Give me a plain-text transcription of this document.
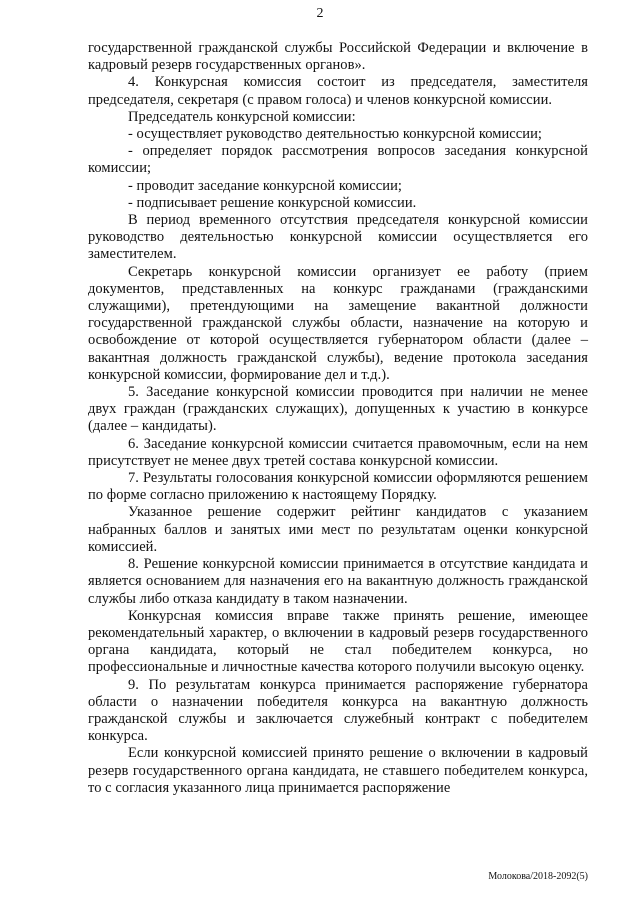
2

государственной гражданской службы Российской Федерации и включение в кадровый резерв государственных органов».

4. Конкурсная комиссия состоит из председателя, заместителя председателя, секретаря (с правом голоса) и членов конкурсной комиссии.

Председатель конкурсной комиссии:

- осуществляет руководство деятельностью конкурсной комиссии;

- определяет порядок рассмотрения вопросов заседания конкурсной комиссии;

- проводит заседание конкурсной комиссии;

- подписывает решение конкурсной комиссии.

В период временного отсутствия председателя конкурсной комиссии руководство деятельностью конкурсной комиссии осуществляется его заместителем.

Секретарь конкурсной комиссии организует ее работу (прием документов, представленных на конкурс гражданами (гражданскими служащими), претендующими на замещение вакантной должности государственной гражданской службы области, назначение на которую и освобождение от которой осуществляется губернатором области (далее – вакантная должность гражданской службы), ведение протокола заседания конкурсной комиссии, формирование дел и т.д.).

5. Заседание конкурсной комиссии проводится при наличии не менее двух граждан (гражданских служащих), допущенных к участию в конкурсе (далее – кандидаты).

6. Заседание конкурсной комиссии считается правомочным, если на нем присутствует не менее двух третей состава конкурсной комиссии.

7. Результаты голосования конкурсной комиссии оформляются решением по форме согласно приложению к настоящему Порядку.

Указанное решение содержит рейтинг кандидатов с указанием набранных баллов и занятых ими мест по результатам оценки конкурсной комиссией.

8. Решение конкурсной комиссии принимается в отсутствие кандидата и является основанием для назначения его на вакантную должность гражданской службы либо отказа кандидату в таком назначении.

Конкурсная комиссия вправе также принять решение, имеющее рекомендательный характер, о включении в кадровый резерв государственного органа кандидата, который не стал победителем конкурса, но профессиональные и личностные качества которого получили высокую оценку.

9. По результатам конкурса принимается распоряжение губернатора области о назначении победителя конкурса на вакантную должность гражданской службы и заключается служебный контракт с победителем конкурса.

Если конкурсной комиссией принято решение о включении в кадровый резерв государственного органа кандидата, не ставшего победителем конкурса, то с согласия указанного лица принимается распоряжение

Молокова/2018-2092(5)
